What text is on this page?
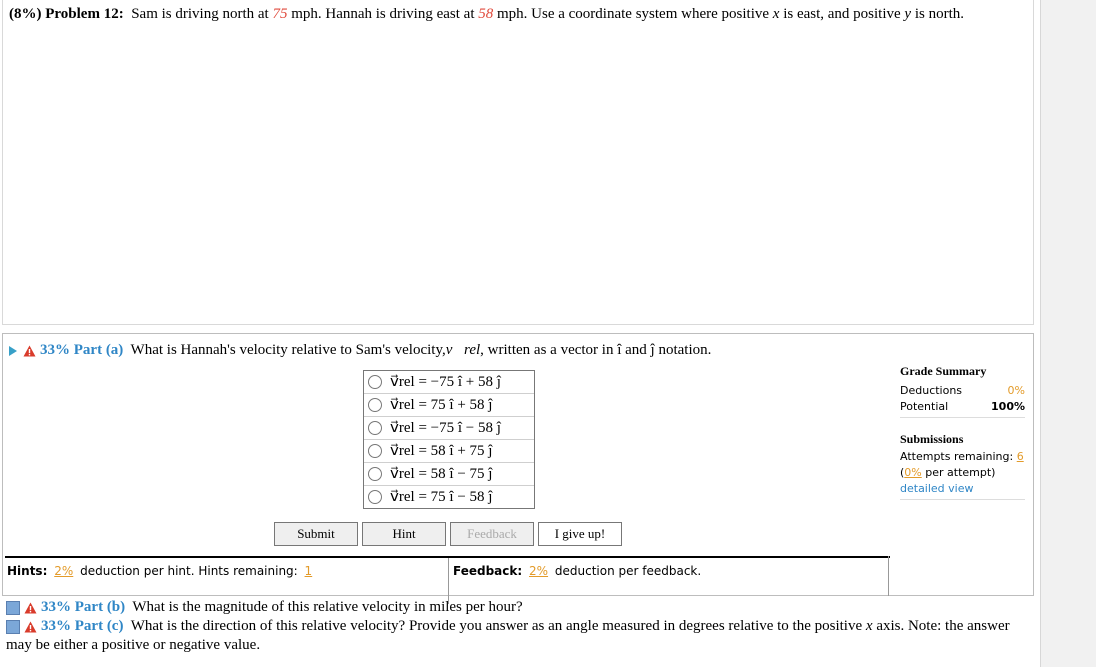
(8%) Problem 12: Sam is driving north at 75 mph. Hannah is driving east at 58 mph. Use a coordinate system where positive x is east, and positive y is north.
33% Part (a) What is Hannah's velocity relative to Sam's velocity,v⃗rel, written as a vector in î and ĵ notation.
v⃗rel = −75 î + 58 ĵ
v⃗rel = 75 î + 58 ĵ
v⃗rel = −75 î − 58 ĵ
v⃗rel = 58 î + 75 ĵ
v⃗rel = 58 î − 75 ĵ
v⃗rel = 75 î − 58 ĵ
Submit	Hint	Feedback	I give up!
Grade Summary
Deductions	0%
Potential	100%
Submissions
Attempts remaining:
6
( 0%
per attempt)
detailed view
Hints: 2% deduction per hint. Hints remaining: 1	Feedback: 2% deduction per feedback.
33% Part (b) What is the magnitude of this relative velocity in miles per hour?
33% Part (c) What is the direction of this relative velocity? Provide you answer as an angle measured in degrees relative to the positive x axis. Note: the answer may be either a positive or negative value.
